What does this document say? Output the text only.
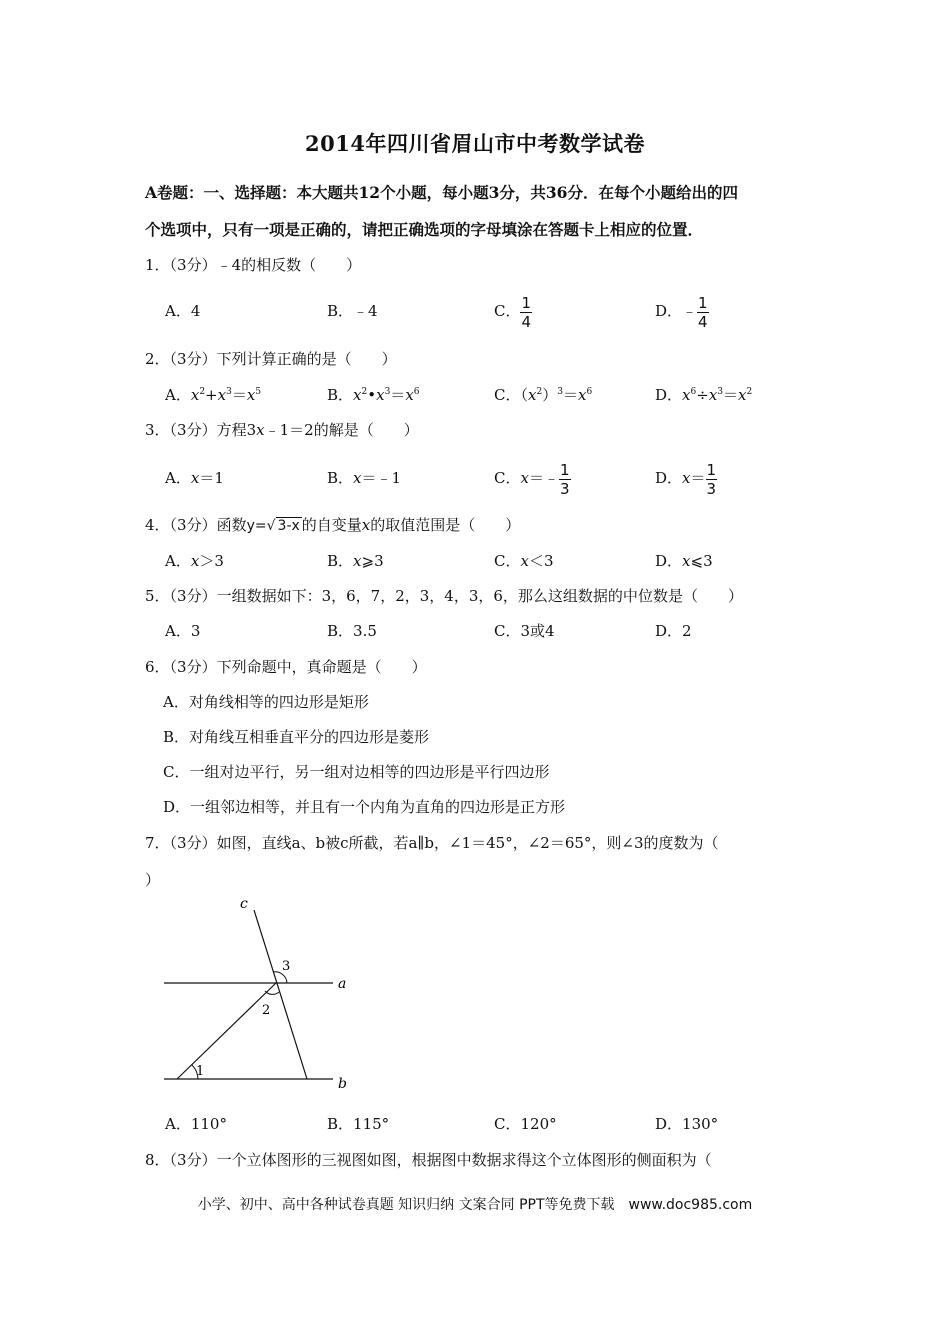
2014年四川省眉山市中考数学试卷
A卷题：一、选择题：本大题共12个小题，每小题3分，共36分．在每个小题给出的四
个选项中，只有一项是正确的，请把正确选项的字母填涂在答题卡上相应的位置．
1．（3分）﹣4的相反数（　　）
A．4	B．﹣4	C． $\frac{1}{4}$	D．﹣ $\frac{1}{4}$
2．（3分）下列计算正确的是（　　）
A．$x^2+x^3=x^5$	B．$x^2•x^3=x^6$	C．$(x^2)^3=x^6$	D．$x^6\div x^3=x^2$
3．（3分）方程3x﹣1＝2的解是（　　）
A．x＝1	B．x＝﹣1	C．x＝﹣ $\frac{1}{3}$	D．$x= \frac{1}{3}$
4．（3分）函数y=√ 3-x 的自变量x的取值范围是（　　）
A．x＞3	B．x⩾3	C．x＜3	D．x⩽3
5．（3分）一组数据如下：3，6，7，2，3，4，3，6，那么这组数据的中位数是（　　）
A．3	B．3.5	C．3或4	D．2
6．（3分）下列命题中，真命题是（　　）
A．对角线相等的四边形是矩形
B．对角线互相垂直平分的四边形是菱形
C．一组对边平行，另一组对边相等的四边形是平行四边形
D．一组邻边相等，并且有一个内角为直角的四边形是正方形
7．（3分）如图，直线a、b被c所截，若a∥b，∠1＝45°，∠2＝65°，则∠3的度数为（
）
c
a
b
1
2
3
A．110°	B．115°	C．120°	D．130°
8．（3分）一个立体图形的三视图如图，根据图中数据求得这个立体图形的侧面积为（
小学、初中、高中各种试卷真题 知识归纳 文案合同 PPT等免费下载　www.doc985.com
